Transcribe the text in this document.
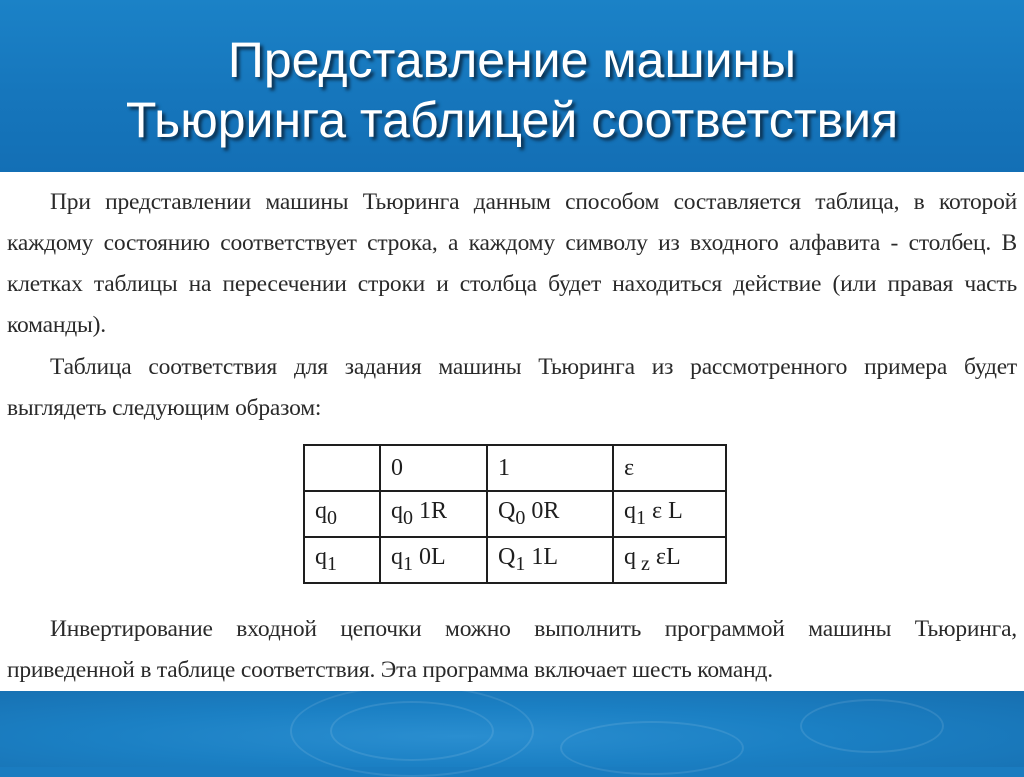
Представление машины
Тьюринга таблицей соответствия
При представлении машины Тьюринга данным способом составляется таблица, в которой каждому состоянию соответствует строка, а каждому символу из входного алфавита - столбец. В клетках таблицы на пересечении строки и столбца будет находиться действие (или правая часть команды).
Таблица соответствия для задания машины Тьюринга из рассмотренного примера будет выглядеть следующим образом:
	0	1	ε
$q_0$	$q_0$ 1R	$Q_0$ 0R	$q_1$ ε L
$q_1$	$q_1$ 0L	$Q_1$ 1L	q $_z$ εL
Инвертирование входной цепочки можно выполнить программой машины Тьюринга, приведенной в таблице соответствия. Эта программа включает шесть команд.
